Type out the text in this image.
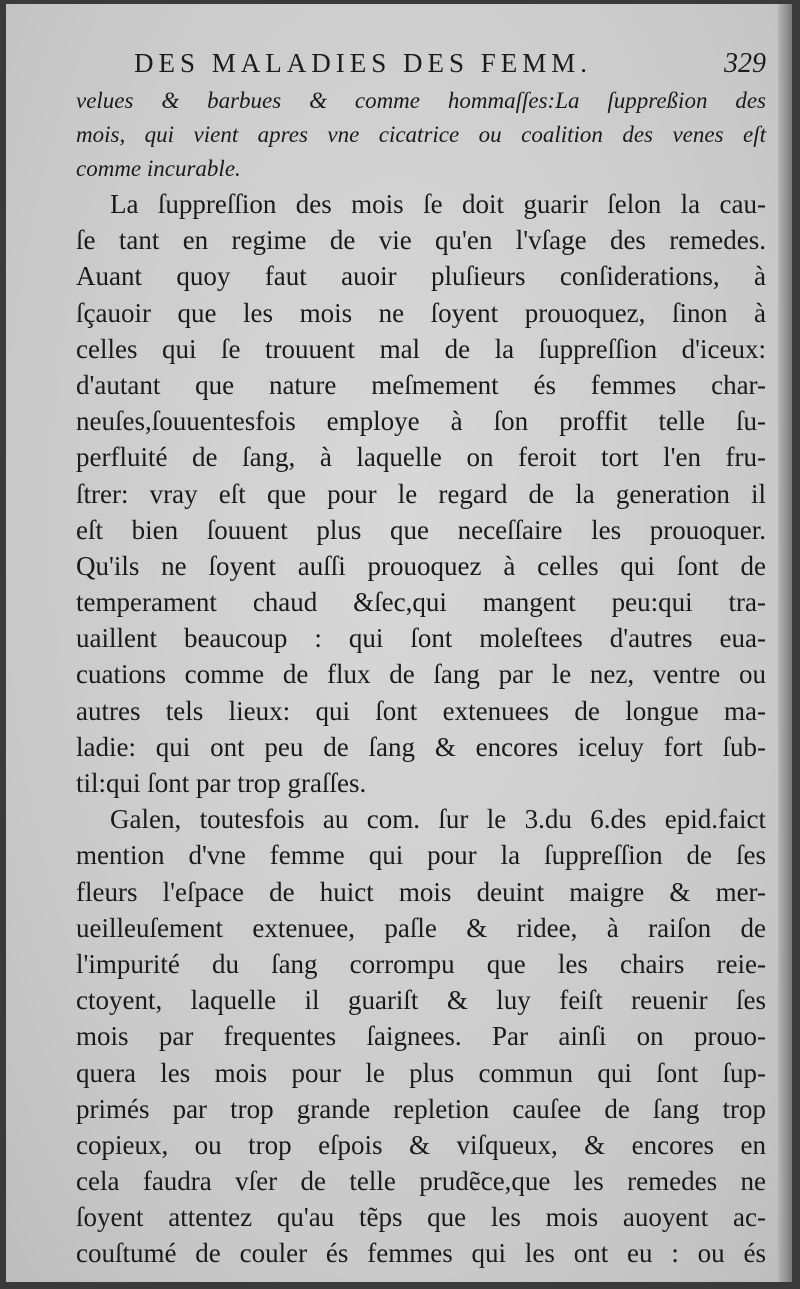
DES MALADIES DES FEMM.	329
velues & barbues & comme hommaſſes:La ſuppreßion des
mois, qui vient apres vne cicatrice ou coalition des venes eſt
comme incurable.
La ſuppreſſion des mois ſe doit guarir ſelon la cau-
ſe tant en regime de vie qu'en l'vſage des remedes.
Auant quoy faut auoir pluſieurs conſiderations, à
ſçauoir que les mois ne ſoyent prouoquez, ſinon à
celles qui ſe trouuent mal de la ſuppreſſion d'iceux:
d'autant que nature meſmement és femmes char-
neuſes,ſouuentesfois employe à ſon proffit telle ſu-
perfluité de ſang, à laquelle on feroit tort l'en fru-
ſtrer: vray eſt que pour le regard de la generation il
eſt bien ſouuent plus que neceſſaire les prouoquer.
Qu'ils ne ſoyent auſſi prouoquez à celles qui ſont de
temperament chaud &ſec,qui mangent peu:qui tra-
uaillent beaucoup : qui ſont moleſtees d'autres eua-
cuations comme de flux de ſang par le nez, ventre ou
autres tels lieux: qui ſont extenuees de longue ma-
ladie: qui ont peu de ſang & encores iceluy fort ſub-
til:qui ſont par trop graſſes.
Galen, toutesfois au com. ſur le 3.du 6.des epid.faict
mention d'vne femme qui pour la ſuppreſſion de ſes
fleurs l'eſpace de huict mois deuint maigre & mer-
ueilleuſement extenuee, paſle & ridee, à raiſon de
l'impurité du ſang corrompu que les chairs reie-
ctoyent, laquelle il guariſt & luy feiſt reuenir ſes
mois par frequentes ſaignees. Par ainſi on prouo-
quera les mois pour le plus commun qui ſont ſup-
primés par trop grande repletion cauſee de ſang trop
copieux, ou trop eſpois & viſqueux, & encores en
cela faudra vſer de telle prudẽce,que les remedes ne
ſoyent attentez qu'au tẽps que les mois auoyent ac-
couſtumé de couler és femmes qui les ont eu : ou és
